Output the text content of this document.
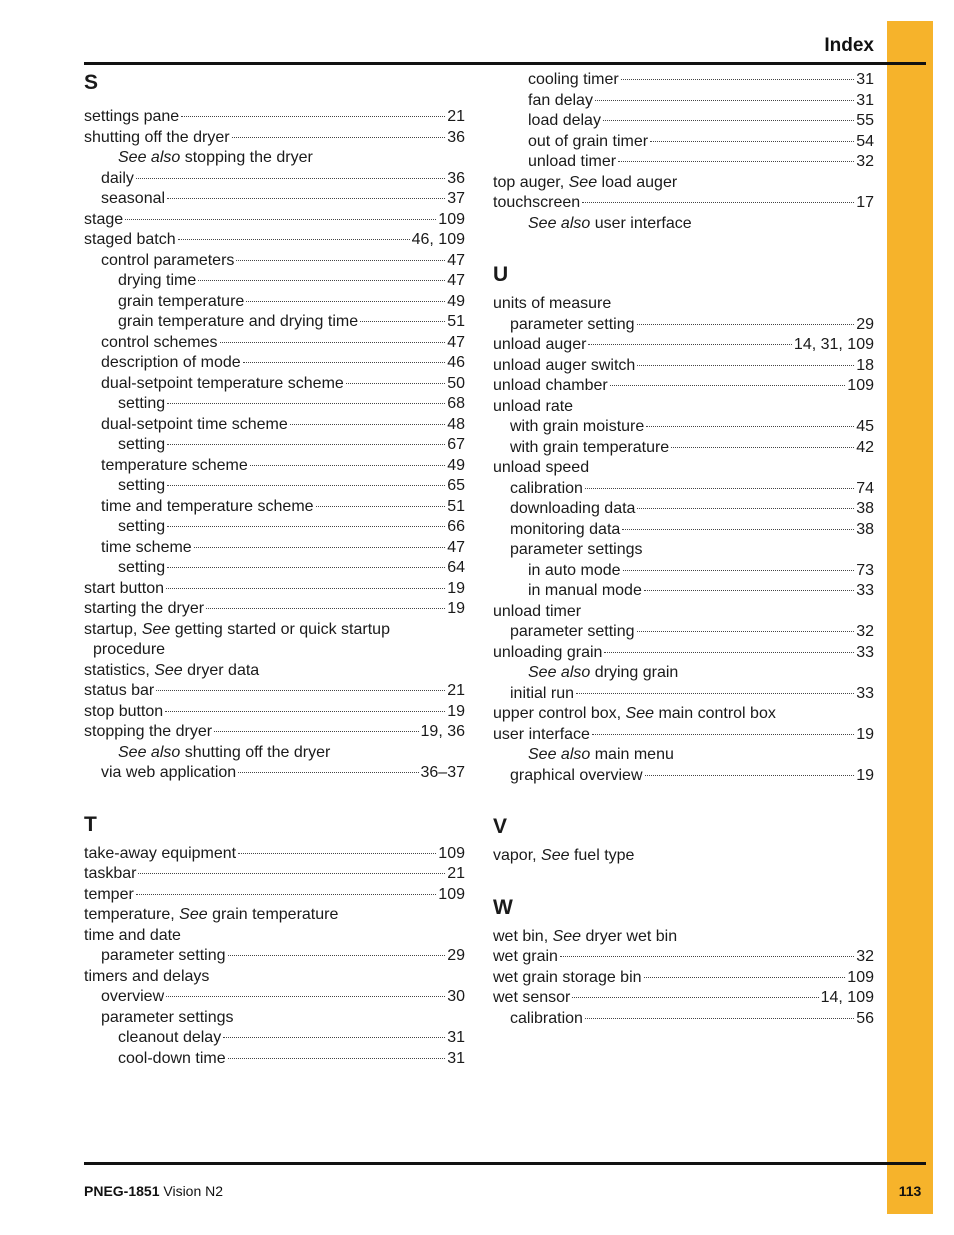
Index
S
settings pane	21
shutting off the dryer	36
See also stopping the dryer
daily	36
seasonal	37
stage	109
staged batch	46, 109
control parameters	47
drying time	47
grain temperature	49
grain temperature and drying time	51
control schemes	47
description of mode	46
dual-setpoint temperature scheme	50
setting	68
dual-setpoint time scheme	48
setting	67
temperature scheme	49
setting	65
time and temperature scheme	51
setting	66
time scheme	47
setting	64
start button	19
starting the dryer	19
startup, See getting started or quick startup
procedure
statistics, See dryer data
status bar	21
stop button	19
stopping the dryer	19, 36
See also shutting off the dryer
via web application	36–37
T
take-away equipment	109
taskbar	21
temper	109
temperature, See grain temperature
time and date
parameter setting	29
timers and delays
overview	30
parameter settings
cleanout delay	31
cool-down time	31
cooling timer	31
fan delay	31
load delay	55
out of grain timer	54
unload timer	32
top auger, See load auger
touchscreen	17
See also user interface
U
units of measure
parameter setting	29
unload auger	14, 31, 109
unload auger switch	18
unload chamber	109
unload rate
with grain moisture	45
with grain temperature	42
unload speed
calibration	74
downloading data	38
monitoring data	38
parameter settings
in auto mode	73
in manual mode	33
unload timer
parameter setting	32
unloading grain	33
See also drying grain
initial run	33
upper control box, See main control box
user interface	19
See also main menu
graphical overview	19
V
vapor, See fuel type
W
wet bin, See dryer wet bin
wet grain	32
wet grain storage bin	109
wet sensor	14, 109
calibration	56
PNEG-1851 Vision N2	113
